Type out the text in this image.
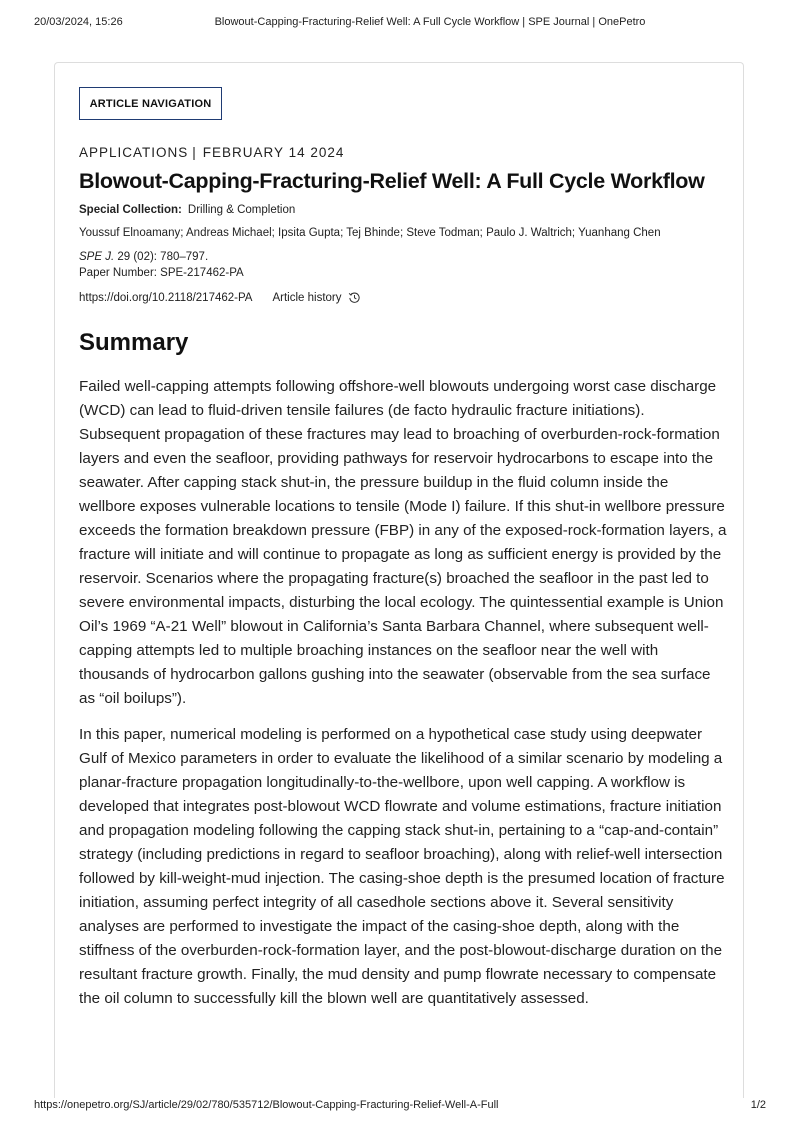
20/03/2024, 15:26	Blowout-Capping-Fracturing-Relief Well: A Full Cycle Workflow | SPE Journal | OnePetro
ARTICLE NAVIGATION
APPLICATIONS | FEBRUARY 14 2024
Blowout-Capping-Fracturing-Relief Well: A Full Cycle Workflow
Special Collection: Drilling & Completion
Youssuf Elnoamany; Andreas Michael; Ipsita Gupta; Tej Bhinde; Steve Todman; Paulo J. Waltrich; Yuanhang Chen
SPE J. 29 (02): 780–797.
Paper Number: SPE-217462-PA
https://doi.org/10.2118/217462-PA Article history
Summary

Failed well-capping attempts following offshore-well blowouts undergoing worst case discharge (WCD) can lead to fluid-driven tensile failures (de facto hydraulic fracture initiations). Subsequent propagation of these fractures may lead to broaching of overburden-rock-formation layers and even the seafloor, providing pathways for reservoir hydrocarbons to escape into the seawater. After capping stack shut-in, the pressure buildup in the fluid column inside the wellbore exposes vulnerable locations to tensile (Mode I) failure. If this shut-in wellbore pressure exceeds the formation breakdown pressure (FBP) in any of the exposed-rock-formation layers, a fracture will initiate and will continue to propagate as long as sufficient energy is provided by the reservoir. Scenarios where the propagating fracture(s) broached the seafloor in the past led to severe environmental impacts, disturbing the local ecology. The quintessential example is Union Oil’s 1969 “A-21 Well” blowout in California’s Santa Barbara Channel, where subsequent well-capping attempts led to multiple broaching instances on the seafloor near the well with thousands of hydrocarbon gallons gushing into the seawater (observable from the sea surface as “oil boilups”).

In this paper, numerical modeling is performed on a hypothetical case study using deepwater Gulf of Mexico parameters in order to evaluate the likelihood of a similar scenario by modeling a planar-fracture propagation longitudinally-to-the-wellbore, upon well capping. A workflow is developed that integrates post-blowout WCD flowrate and volume estimations, fracture initiation and propagation modeling following the capping stack shut-in, pertaining to a “cap-and-contain” strategy (including predictions in regard to seafloor broaching), along with relief-well intersection followed by kill-weight-mud injection. The casing-shoe depth is the presumed location of fracture initiation, assuming perfect integrity of all casedhole sections above it. Several sensitivity analyses are performed to investigate the impact of the casing-shoe depth, along with the stiffness of the overburden-rock-formation layer, and the post-blowout-discharge duration on the resultant fracture growth. Finally, the mud density and pump flowrate necessary to compensate the oil column to successfully kill the blown well are quantitatively assessed.

https://onepetro.org/SJ/article/29/02/780/535712/Blowout-Capping-Fracturing-Relief-Well-A-Full	1/2
